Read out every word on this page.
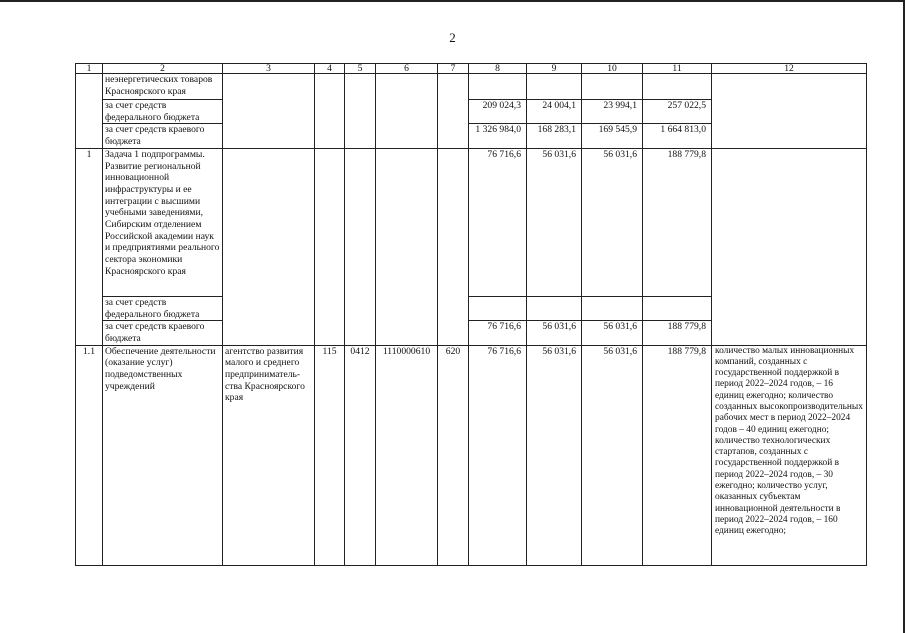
2
1	2	3	4	5	6	7	8	9	10	11	12
	неэнергетических товаров Красноярского края										
	за счет средств федерального бюджета						209 024,3	24 004,1	23 994,1	257 022,5	
	за счет средств краевого бюджета						1 326 984,0	168 283,1	169 545,9	1 664 813,0	
1	Задача 1 подпрограммы. Развитие региональной инновационной инфраструктуры и ее интеграции с высшими учебными заведениями, Сибирским отделением Российской академии наук и предприятиями реального сектора экономики Красноярского края						76 716,6	56 031,6	56 031,6	188 779,8	
	за счет средств федерального бюджета										
	за счет средств краевого бюджета						76 716,6	56 031,6	56 031,6	188 779,8	
1.1	Обеспечение деятельности (оказание услуг) подведомственных учреждений	агентство развития малого и среднего предприниматель-ства Красноярского края	115	0412	1110000610	620	76 716,6	56 031,6	56 031,6	188 779,8	количество малых инновационных компаний, созданных с государственной поддержкой в период 2022–2024 годов, – 16 единиц ежегодно; количество созданных высокопроизводительных рабочих мест в период 2022–2024 годов – 40 единиц ежегодно; количество технологических стартапов, созданных с государственной поддержкой в период 2022–2024 годов, – 30 ежегодно; количество услуг, оказанных субъектам инновационной деятельности в период 2022–2024 годов, – 160 единиц ежегодно;
